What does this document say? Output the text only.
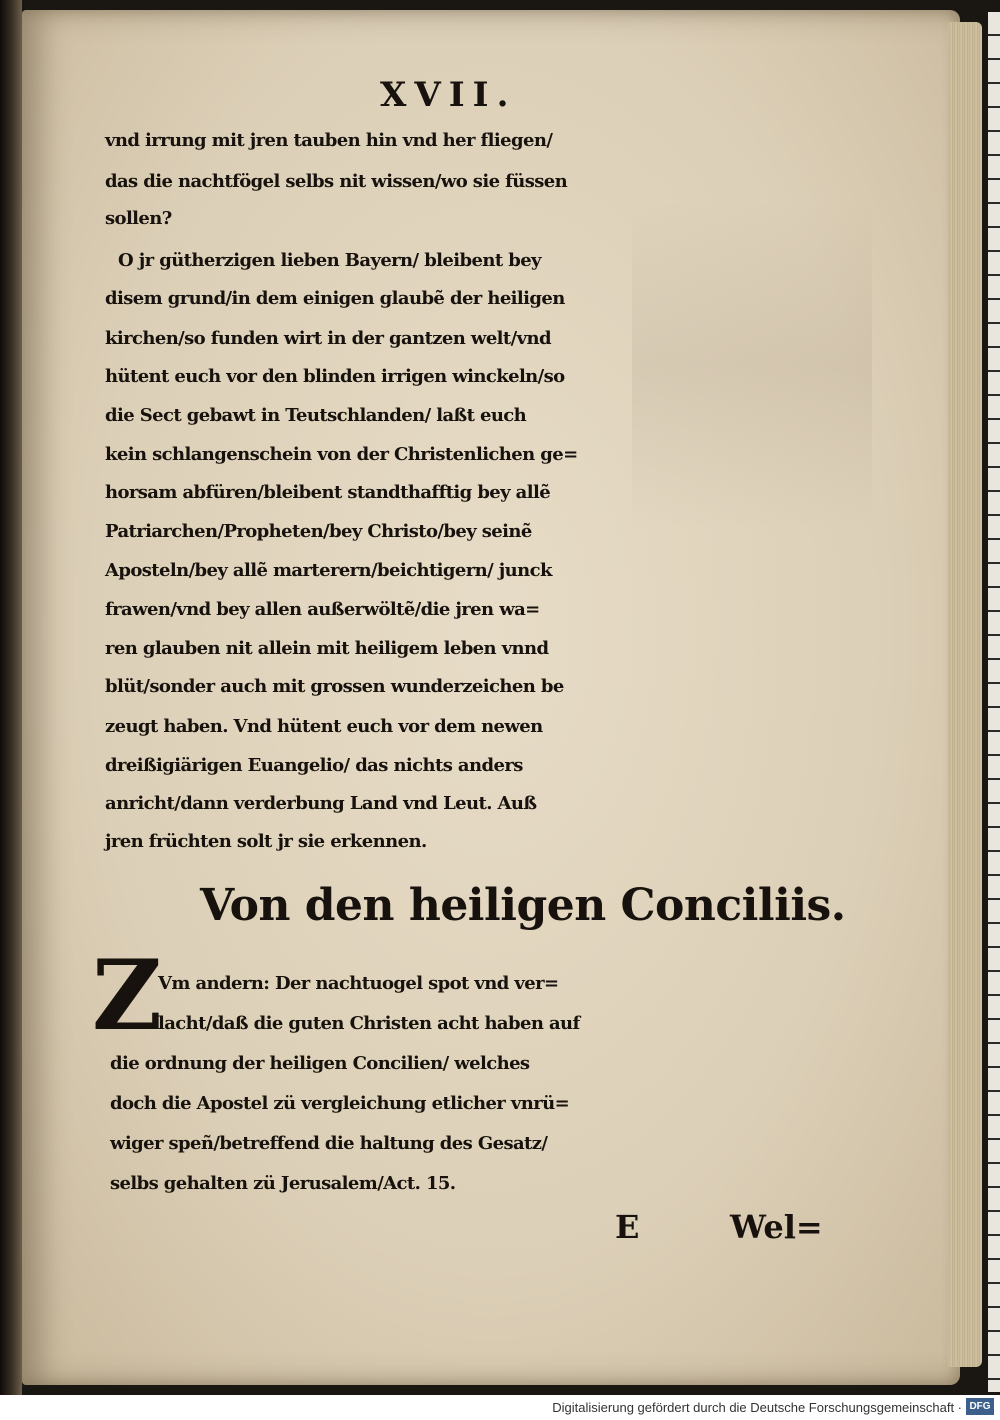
XVII.
vnd irrung mit jren tauben hin vnd her fliegen/
das die nachtfögel selbs nit wissen/wo sie füssen
sollen?
O jr gütherzigen lieben Bayern/ bleibent bey
disem grund/in dem einigen glaubẽ der heiligen
kirchen/so funden wirt in der gantzen welt/vnd
hütent euch vor den blinden irrigen winckeln/so
die Sect gebawt in Teutschlanden/ laßt euch
kein schlangenschein von der Christenlichen ge=
horsam abfüren/bleibent standthafftig bey allẽ
Patriarchen/Propheten/bey Christo/bey seinẽ
Aposteln/bey allẽ marterern/beichtigern/ junck
frawen/vnd bey allen außerwöltẽ/die jren wa=
ren glauben nit allein mit heiligem leben vnnd
blüt/sonder auch mit grossen wunderzeichen be
zeugt haben. Vnd hütent euch vor dem newen
dreißigiärigen Euangelio/ das nichts anders
anricht/dann verderbung Land vnd Leut. Auß
jren früchten solt jr sie erkennen.
Von den heiligen Conciliis.
Z
Vm andern: Der nachtuogel spot vnd ver=
lacht/daß die guten Christen acht haben auf
die ordnung der heiligen Concilien/ welches
doch die Apostel zü vergleichung etlicher vnrü=
wiger speñ/betreffend die haltung des Gesatz/
selbs gehalten zü Jerusalem/Act. 15.
E	Wel=
Digitalisierung gefördert durch die Deutsche Forschungsgemeinschaft · DFG
